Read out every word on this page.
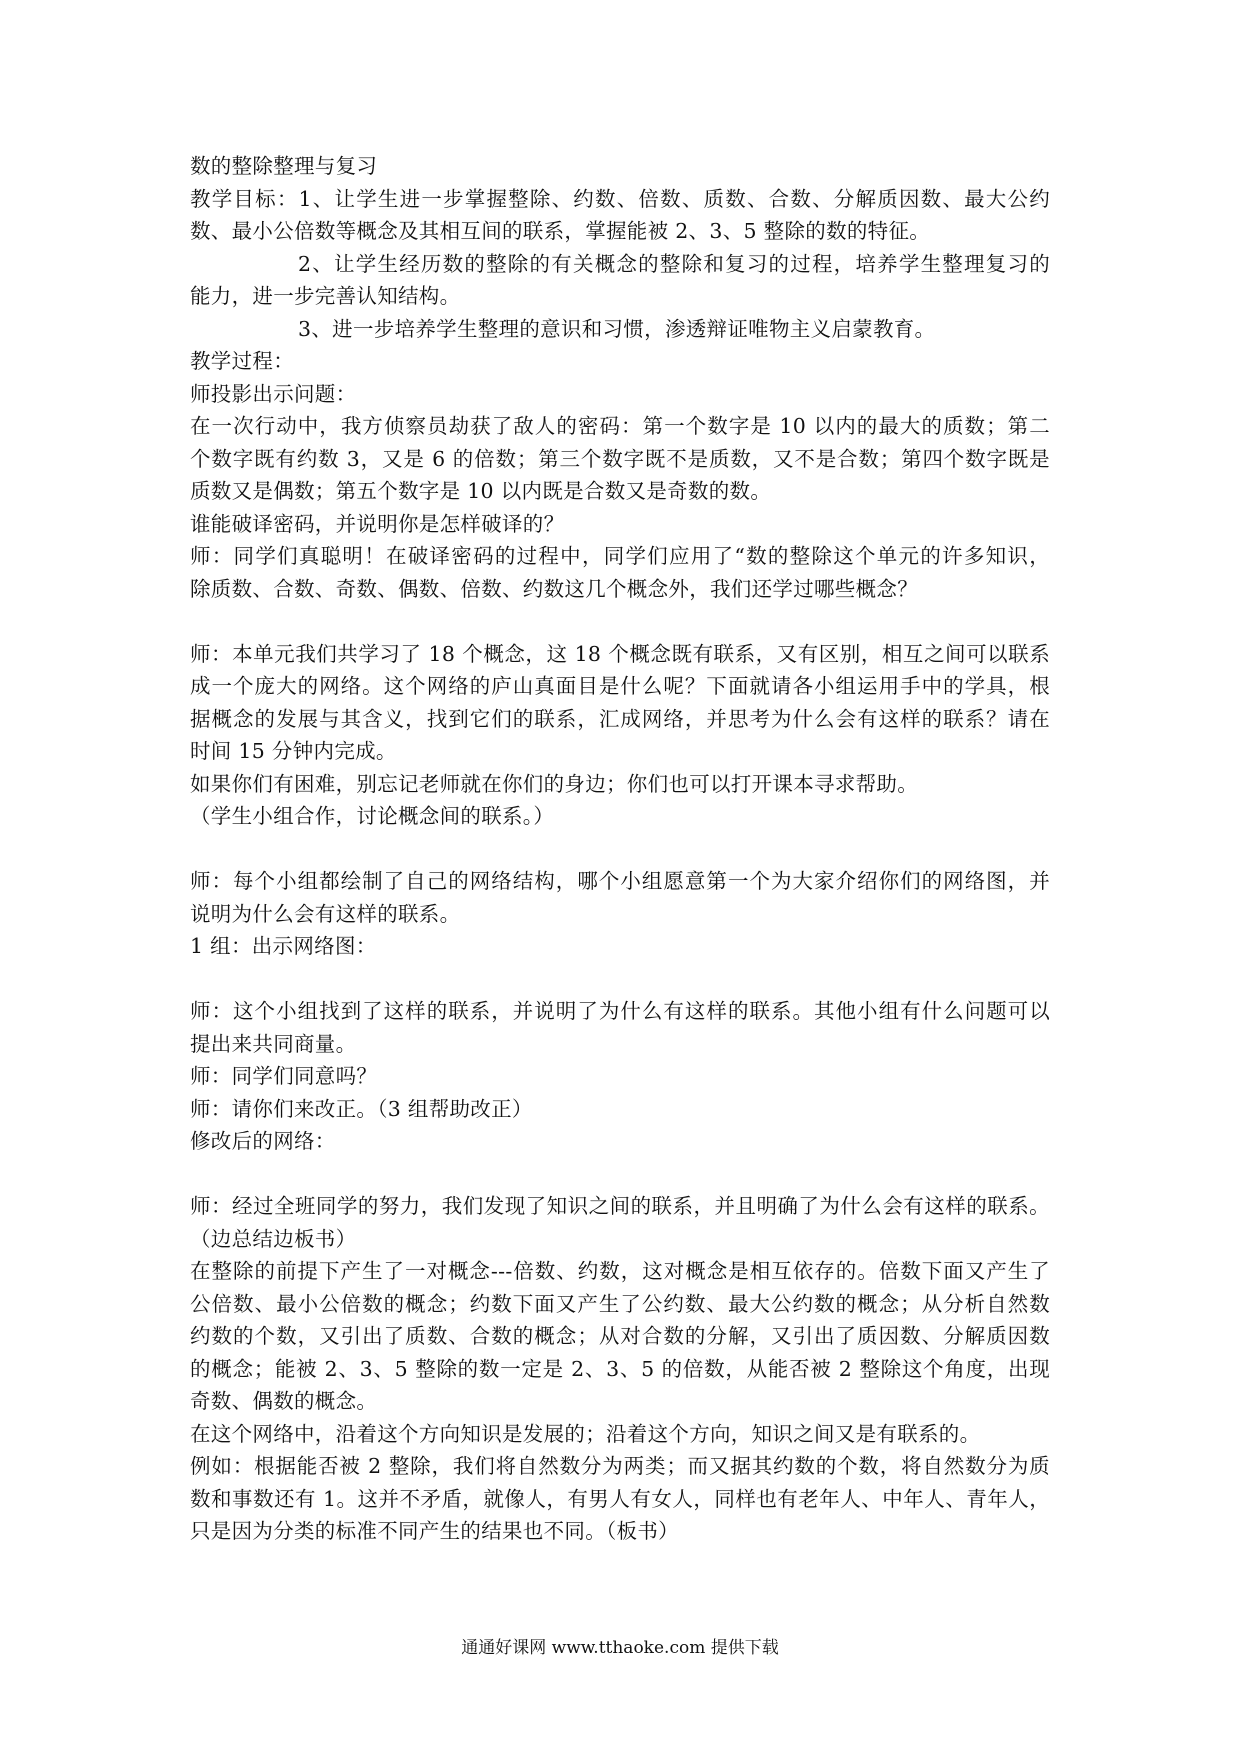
数的整除整理与复习
教学目标：1、让学生进一步掌握整除、约数、倍数、质数、合数、分解质因数、最大公约
数、最小公倍数等概念及其相互间的联系，掌握能被 2、3、5 整除的数的特征。
2、让学生经历数的整除的有关概念的整除和复习的过程，培养学生整理复习的
能力，进一步完善认知结构。
3、进一步培养学生整理的意识和习惯，渗透辩证唯物主义启蒙教育。
教学过程：
师投影出示问题：
在一次行动中，我方侦察员劫获了敌人的密码：第一个数字是 10 以内的最大的质数；第二
个数字既有约数 3，又是 6 的倍数；第三个数字既不是质数，又不是合数；第四个数字既是
质数又是偶数；第五个数字是 10 以内既是合数又是奇数的数。
谁能破译密码，并说明你是怎样破译的？
师：同学们真聪明！在破译密码的过程中，同学们应用了“数的整除这个单元的许多知识，
除质数、合数、奇数、偶数、倍数、约数这几个概念外，我们还学过哪些概念？
师：本单元我们共学习了 18 个概念，这 18 个概念既有联系，又有区别，相互之间可以联系
成一个庞大的网络。这个网络的庐山真面目是什么呢？下面就请各小组运用手中的学具，根
据概念的发展与其含义，找到它们的联系，汇成网络，并思考为什么会有这样的联系？请在
时间 15 分钟内完成。
如果你们有困难，别忘记老师就在你们的身边；你们也可以打开课本寻求帮助。
（学生小组合作，讨论概念间的联系。）
师：每个小组都绘制了自己的网络结构，哪个小组愿意第一个为大家介绍你们的网络图，并
说明为什么会有这样的联系。
1 组：出示网络图：
师：这个小组找到了这样的联系，并说明了为什么有这样的联系。其他小组有什么问题可以
提出来共同商量。
师：同学们同意吗？
师：请你们来改正。（3 组帮助改正）
修改后的网络：
师：经过全班同学的努力，我们发现了知识之间的联系，并且明确了为什么会有这样的联系。
（边总结边板书）
在整除的前提下产生了一对概念---倍数、约数，这对概念是相互依存的。倍数下面又产生了
公倍数、最小公倍数的概念；约数下面又产生了公约数、最大公约数的概念；从分析自然数
约数的个数，又引出了质数、合数的概念；从对合数的分解，又引出了质因数、分解质因数
的概念；能被 2、3、5 整除的数一定是 2、3、5 的倍数，从能否被 2 整除这个角度，出现
奇数、偶数的概念。
在这个网络中，沿着这个方向知识是发展的；沿着这个方向，知识之间又是有联系的。
例如：根据能否被 2 整除，我们将自然数分为两类；而又据其约数的个数，将自然数分为质
数和事数还有 1。这并不矛盾，就像人，有男人有女人，同样也有老年人、中年人、青年人，
只是因为分类的标准不同产生的结果也不同。（板书）
通通好课网 www.tthaoke.com 提供下载
